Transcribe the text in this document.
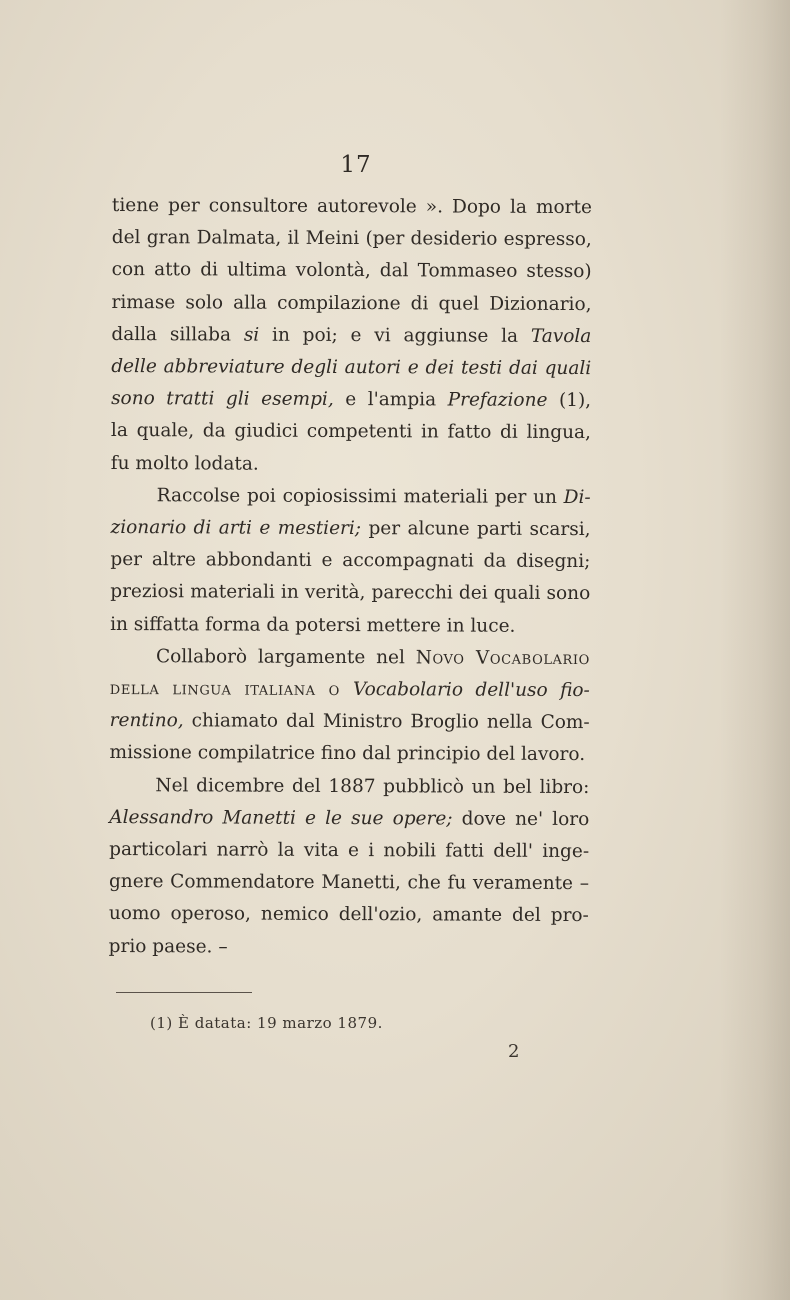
17
tiene per consultore autorevole ». Dopo la morte
del gran Dalmata, il Meini (per desiderio espresso,
con atto di ultima volontà, dal Tommaseo stesso)
rimase solo alla compilazione di quel Dizionario,
dalla sillaba si in poi; e vi aggiunse la Tavola
delle abbreviature degli autori e dei testi dai quali
sono tratti gli esempi, e l'ampia Prefazione (1),
la quale, da giudici competenti in fatto di lingua,
fu molto lodata.
Raccolse poi copiosissimi materiali per un Di-
zionario di arti e mestieri; per alcune parti scarsi,
per altre abbondanti e accompagnati da disegni;
preziosi materiali in verità, parecchi dei quali sono
in siffatta forma da potersi mettere in luce.
Collaborò largamente nel Novo Vocabolario
della lingua italiana o Vocabolario dell'uso fio-
rentino, chiamato dal Ministro Broglio nella Com-
missione compilatrice fino dal principio del lavoro.
Nel dicembre del 1887 pubblicò un bel libro:
Alessandro Manetti e le sue opere; dove ne' loro
particolari narrò la vita e i nobili fatti dell' inge-
gnere Commendatore Manetti, che fu veramente –
uomo operoso, nemico dell'ozio, amante del pro-
prio paese. –
(1) È datata: 19 marzo 1879.
2
